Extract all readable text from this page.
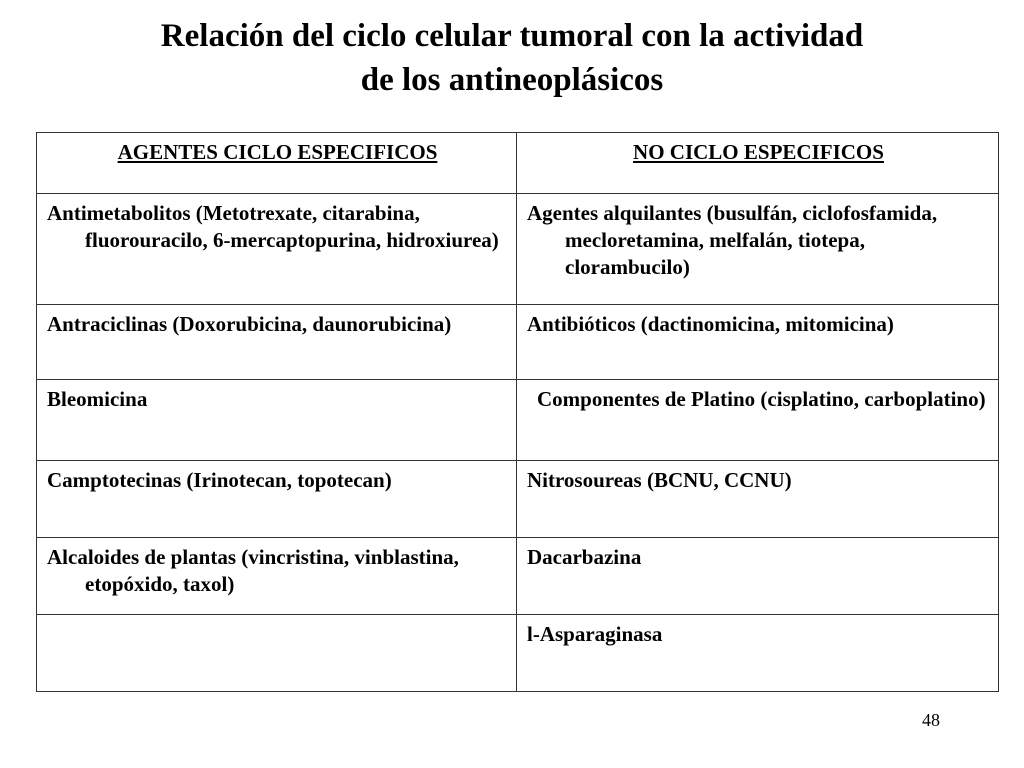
Relación del ciclo celular tumoral con la actividad
de los antineoplásicos
AGENTES CICLO ESPECIFICOS	NO CICLO ESPECIFICOS

Antimetabolitos (Metotrexate, citarabina, fluorouracilo, 6-mercaptopurina, hidroxiurea)	Agentes alquilantes (busulfán, ciclofosfamida, mecloretamina, melfalán, tiotepa, clorambucilo)

Antraciclinas (Doxorubicina, daunorubicina)	Antibióticos (dactinomicina, mitomicina)

Bleomicina	Componentes de Platino (cisplatino, carboplatino)

Camptotecinas (Irinotecan, topotecan)	Nitrosoureas (BCNU, CCNU)

Alcaloides de plantas (vincristina, vinblastina, etopóxido, taxol)	Dacarbazina

	l-Asparaginasa
48
